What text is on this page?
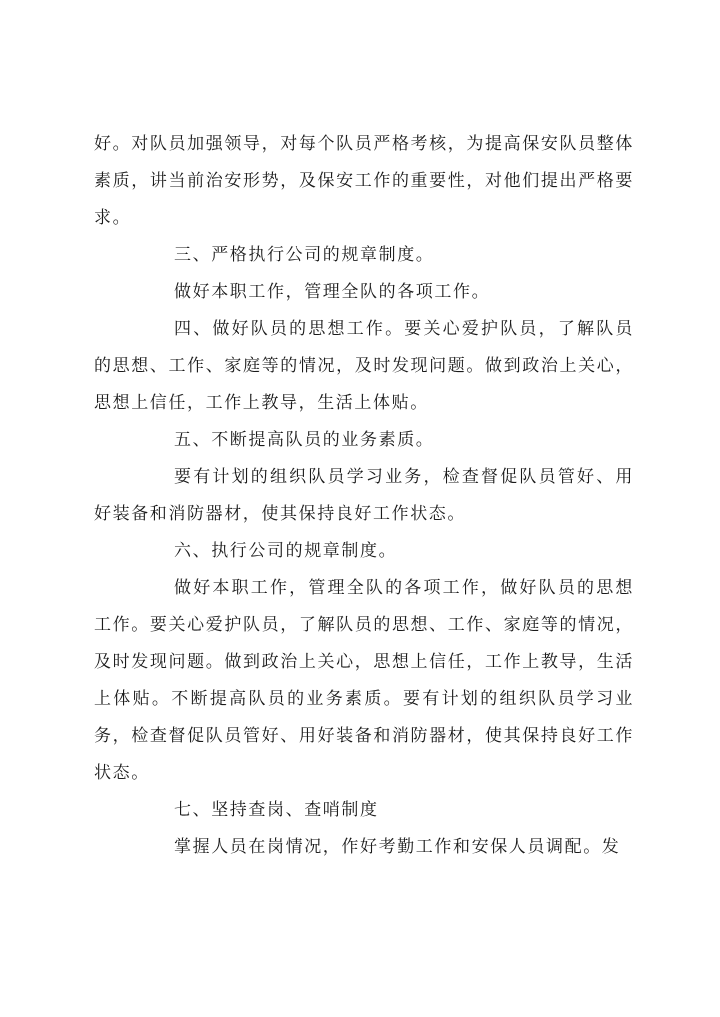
好。对队员加强领导，对每个队员严格考核，为提高保安队员整体素质，讲当前治安形势，及保安工作的重要性，对他们提出严格要求。

三、严格执行公司的规章制度。

做好本职工作，管理全队的各项工作。

四、做好队员的思想工作。要关心爱护队员，了解队员的思想、工作、家庭等的情况，及时发现问题。做到政治上关心，思想上信任，工作上教导，生活上体贴。

五、不断提高队员的业务素质。

要有计划的组织队员学习业务，检查督促队员管好、用好装备和消防器材，使其保持良好工作状态。

六、执行公司的规章制度。

做好本职工作，管理全队的各项工作，做好队员的思想工作。要关心爱护队员，了解队员的思想、工作、家庭等的情况，及时发现问题。做到政治上关心，思想上信任，工作上教导，生活上体贴。不断提高队员的业务素质。要有计划的组织队员学习业务，检查督促队员管好、用好装备和消防器材，使其保持良好工作状态。

七、坚持查岗、查哨制度

掌握人员在岗情况，作好考勤工作和安保人员调配。发
